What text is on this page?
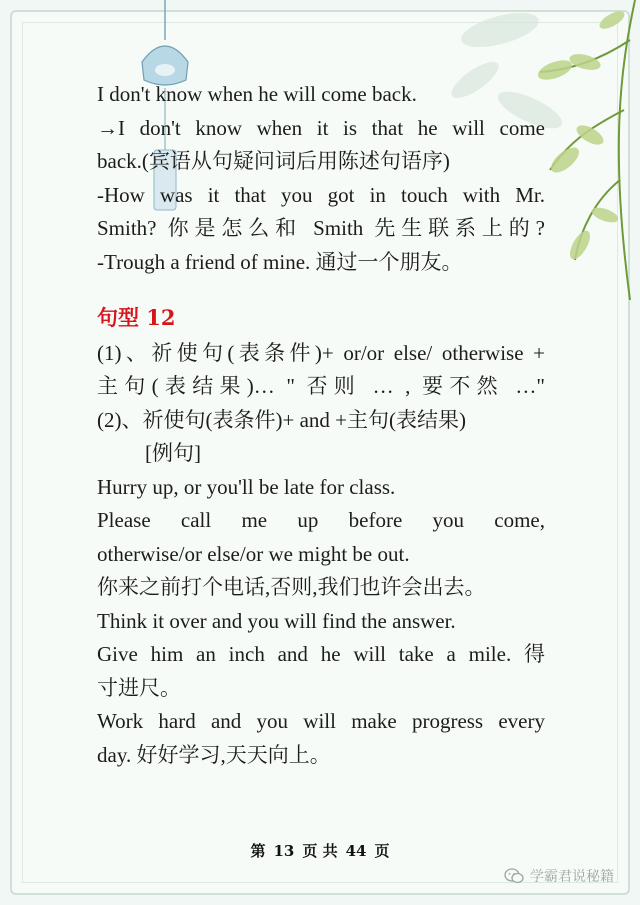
I don't know when he will come back.
→I don't know when it is that he will come
back.(宾语从句疑问词后用陈述句语序)
-How was it that you got in touch with Mr.
Smith? 你是怎么和 Smith 先生联系上的?
-Trough a friend of mine. 通过一个朋友。
句型 12
(1)、祈使句(表条件)+ or/or else/ otherwise +
主句(表结果)… " 否则 … , 要不然 …"
(2)、祈使句(表条件)+ and +主句(表结果)
[例句]
Hurry up, or you'll be late for class.
Please call me up before you come,
otherwise/or else/or we might be out.
你来之前打个电话,否则,我们也许会出去。
Think it over and you will find the answer.
Give him an inch and he will take a mile. 得
寸进尺。
Work hard and you will make progress every
day. 好好学习,天天向上。
第 13 页 共 44 页
学霸君说秘籍
